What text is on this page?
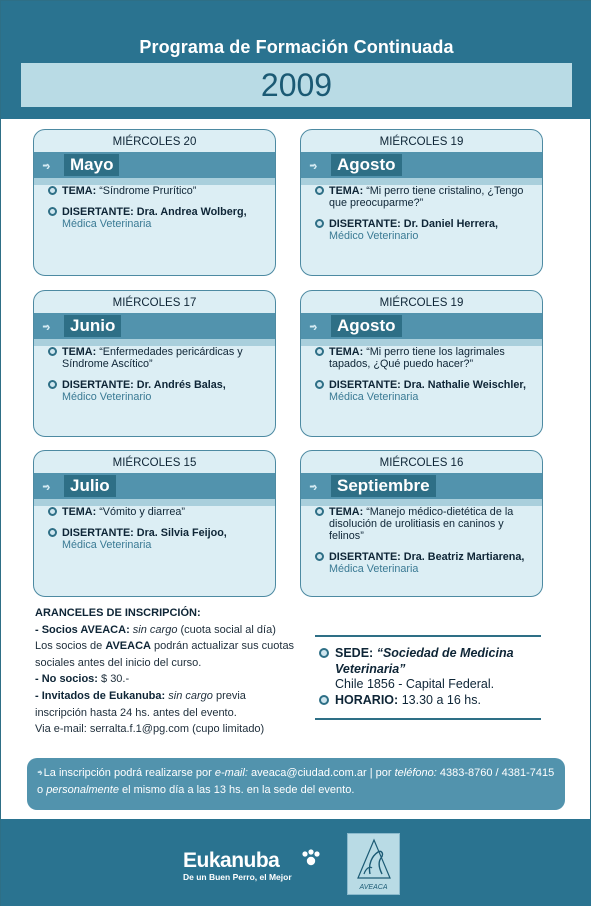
Programa de Formación Continuada
2009
MIÉRCOLES 20
···›	Mayo
TEMA: “Síndrome Prurítico”
DISERTANTE: Dra. Andrea Wolberg,
Médica Veterinaria
MIÉRCOLES 19
···›	Agosto
TEMA: “Mi perro tiene cristalino, ¿Tengo que preocuparme?”
DISERTANTE: Dr. Daniel Herrera,
Médico Veterinario
MIÉRCOLES 17
···›	Junio
TEMA: “Enfermedades pericárdicas y Síndrome Ascítico”
DISERTANTE: Dr. Andrés Balas,
Médico Veterinario
MIÉRCOLES 19
···›	Agosto
TEMA: “Mi perro tiene los lagrimales tapados, ¿Qué puedo hacer?”
DISERTANTE: Dra. Nathalie Weischler,
Médica Veterinaria
MIÉRCOLES 15
···›	Julio
TEMA: “Vómito y diarrea”
DISERTANTE: Dra. Silvia Feijoo,
Médica Veterinaria
MIÉRCOLES 16
···›	Septiembre
TEMA: “Manejo médico-dietética de la disolución de urolitiasis en caninos y felinos”
DISERTANTE: Dra. Beatriz Martiarena,
Médica Veterinaria
ARANCELES DE INSCRIPCIÓN:
- Socios AVEACA: sin cargo (cuota social al día)
Los socios de AVEACA podrán actualizar sus cuotas sociales antes del inicio del curso.
- No socios: $ 30.-
- Invitados de Eukanuba: sin cargo previa inscripción hasta 24 hs. antes del evento.
Via e-mail: serralta.f.1@pg.com (cupo limitado)
SEDE: “Sociedad de Medicina Veterinaria”
Chile 1856 - Capital Federal.
HORARIO: 13.30 a 16 hs.
···› La inscripción podrá realizarse por e-mail: aveaca@ciudad.com.ar | por teléfono: 4383-8760 / 4381-7415 o personalmente el mismo día a las 13 hs. en la sede del evento.
Eukanuba
De un Buen Perro, el Mejor
AVEACA
